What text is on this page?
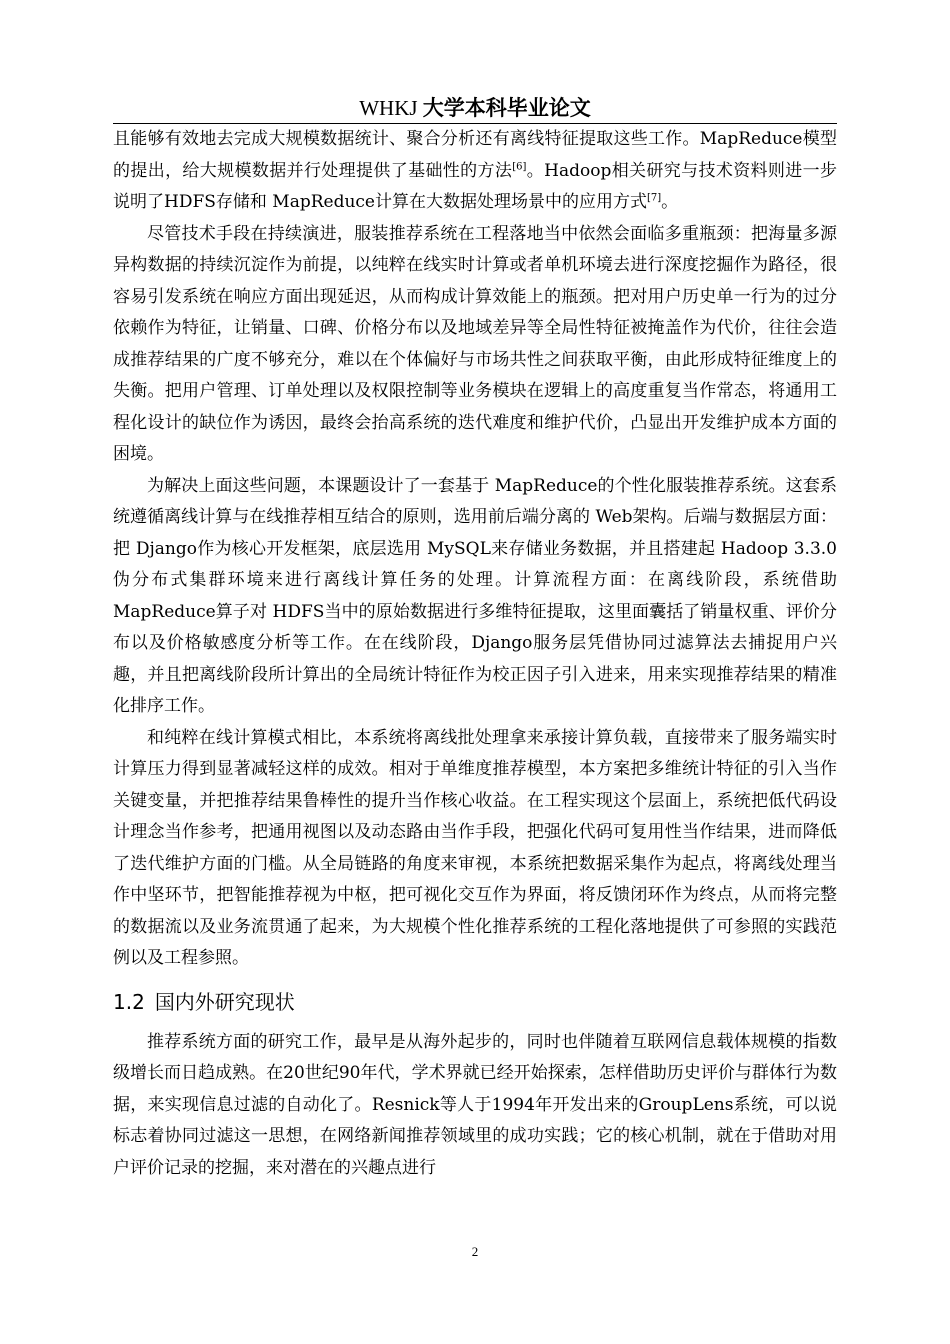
WHKJ 大学本科毕业论文

且能够有效地去完成大规模数据统计、聚合分析还有离线特征提取这些工作。MapReduce模型的提出，给大规模数据并行处理提供了基础性的方法[6]。Hadoop相关研究与技术资料则进一步说明了HDFS存储和 MapReduce计算在大数据处理场景中的应用方式[7]。

尽管技术手段在持续演进，服装推荐系统在工程落地当中依然会面临多重瓶颈：把海量多源异构数据的持续沉淀作为前提，以纯粹在线实时计算或者单机环境去进行深度挖掘作为路径，很容易引发系统在响应方面出现延迟，从而构成计算效能上的瓶颈。把对用户历史单一行为的过分依赖作为特征，让销量、口碑、价格分布以及地域差异等全局性特征被掩盖作为代价，往往会造成推荐结果的广度不够充分，难以在个体偏好与市场共性之间获取平衡，由此形成特征维度上的失衡。把用户管理、订单处理以及权限控制等业务模块在逻辑上的高度重复当作常态，将通用工程化设计的缺位作为诱因，最终会抬高系统的迭代难度和维护代价，凸显出开发维护成本方面的困境。

为解决上面这些问题，本课题设计了一套基于 MapReduce的个性化服装推荐系统。这套系统遵循离线计算与在线推荐相互结合的原则，选用前后端分离的 Web架构。后端与数据层方面：把 Django作为核心开发框架，底层选用 MySQL来存储业务数据，并且搭建起 Hadoop 3.3.0伪分布式集群环境来进行离线计算任务的处理。计算流程方面：在离线阶段，系统借助 MapReduce算子对 HDFS当中的原始数据进行多维特征提取，这里面囊括了销量权重、评价分布以及价格敏感度分析等工作。在在线阶段，Django服务层凭借协同过滤算法去捕捉用户兴趣，并且把离线阶段所计算出的全局统计特征作为校正因子引入进来，用来实现推荐结果的精准化排序工作。

和纯粹在线计算模式相比，本系统将离线批处理拿来承接计算负载，直接带来了服务端实时计算压力得到显著减轻这样的成效。相对于单维度推荐模型，本方案把多维统计特征的引入当作关键变量，并把推荐结果鲁棒性的提升当作核心收益。在工程实现这个层面上，系统把低代码设计理念当作参考，把通用视图以及动态路由当作手段，把强化代码可复用性当作结果，进而降低了迭代维护方面的门槛。从全局链路的角度来审视，本系统把数据采集作为起点，将离线处理当作中坚环节，把智能推荐视为中枢，把可视化交互作为界面，将反馈闭环作为终点，从而将完整的数据流以及业务流贯通了起来，为大规模个性化推荐系统的工程化落地提供了可参照的实践范例以及工程参照。

1.2 国内外研究现状

推荐系统方面的研究工作，最早是从海外起步的，同时也伴随着互联网信息载体规模的指数级增长而日趋成熟。在20世纪90年代，学术界就已经开始探索，怎样借助历史评价与群体行为数据，来实现信息过滤的自动化了。Resnick等人于1994年开发出来的GroupLens系统，可以说标志着协同过滤这一思想，在网络新闻推荐领域里的成功实践；它的核心机制，就在于借助对用户评价记录的挖掘，来对潜在的兴趣点进行

2
